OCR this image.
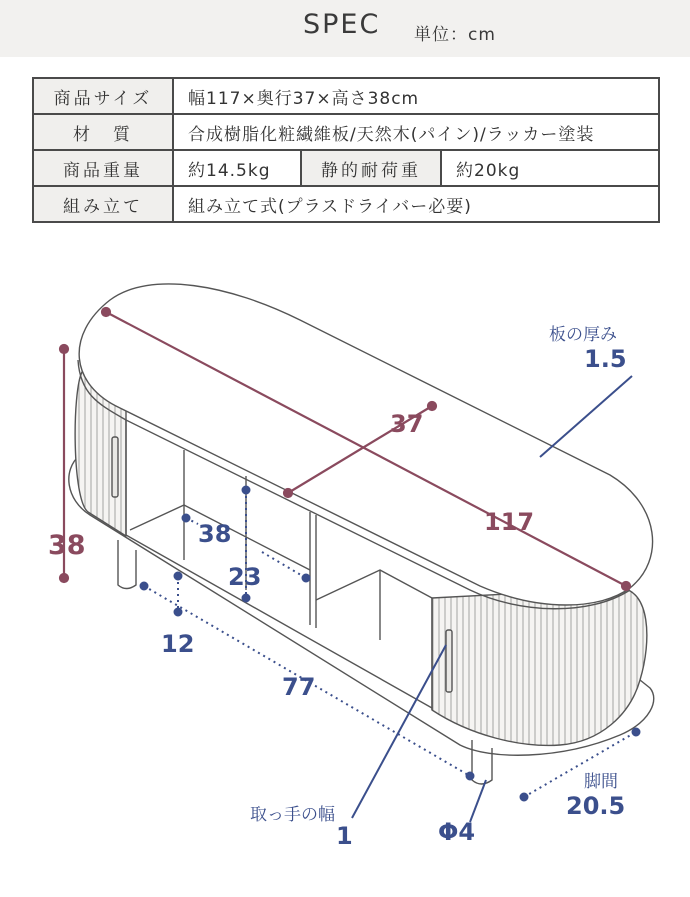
SPEC 単位：cm
商品サイズ	幅117×奥行37×高さ38cm		
材　質	合成樹脂化粧繊維板/天然木(パイン)/ラッカー塗装		
商品重量	約14.5kg	静的耐荷重	約20kg
組み立て	組み立て式(プラスドライバー必要)		
38
37
117
板の厚み
1.5
38
23
12
77
脚間
20.5
取っ手の幅
1	Φ4
